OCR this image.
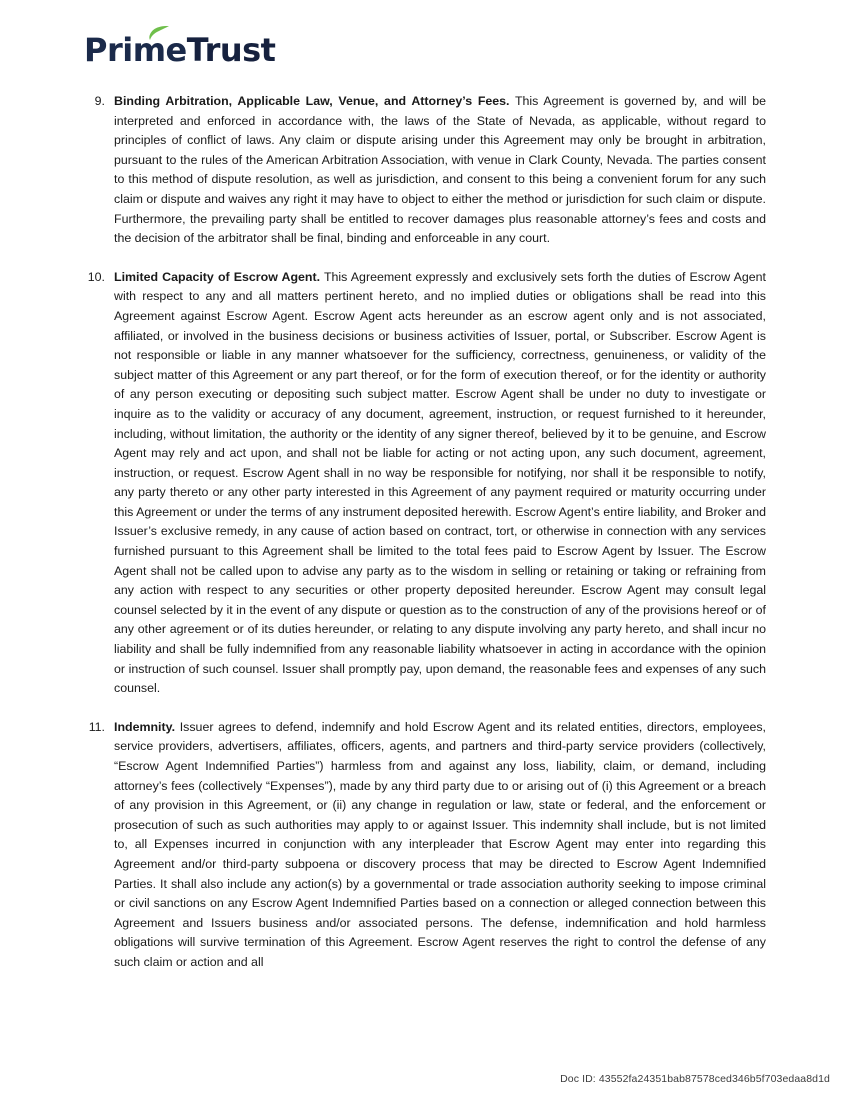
PrimeTrust
9. Binding Arbitration, Applicable Law, Venue, and Attorney’s Fees. This Agreement is governed by, and will be interpreted and enforced in accordance with, the laws of the State of Nevada, as applicable, without regard to principles of conflict of laws. Any claim or dispute arising under this Agreement may only be brought in arbitration, pursuant to the rules of the American Arbitration Association, with venue in Clark County, Nevada. The parties consent to this method of dispute resolution, as well as jurisdiction, and consent to this being a convenient forum for any such claim or dispute and waives any right it may have to object to either the method or jurisdiction for such claim or dispute. Furthermore, the prevailing party shall be entitled to recover damages plus reasonable attorney’s fees and costs and the decision of the arbitrator shall be final, binding and enforceable in any court.
10. Limited Capacity of Escrow Agent. This Agreement expressly and exclusively sets forth the duties of Escrow Agent with respect to any and all matters pertinent hereto, and no implied duties or obligations shall be read into this Agreement against Escrow Agent. Escrow Agent acts hereunder as an escrow agent only and is not associated, affiliated, or involved in the business decisions or business activities of Issuer, portal, or Subscriber. Escrow Agent is not responsible or liable in any manner whatsoever for the sufficiency, correctness, genuineness, or validity of the subject matter of this Agreement or any part thereof, or for the form of execution thereof, or for the identity or authority of any person executing or depositing such subject matter. Escrow Agent shall be under no duty to investigate or inquire as to the validity or accuracy of any document, agreement, instruction, or request furnished to it hereunder, including, without limitation, the authority or the identity of any signer thereof, believed by it to be genuine, and Escrow Agent may rely and act upon, and shall not be liable for acting or not acting upon, any such document, agreement, instruction, or request. Escrow Agent shall in no way be responsible for notifying, nor shall it be responsible to notify, any party thereto or any other party interested in this Agreement of any payment required or maturity occurring under this Agreement or under the terms of any instrument deposited herewith. Escrow Agent’s entire liability, and Broker and Issuer’s exclusive remedy, in any cause of action based on contract, tort, or otherwise in connection with any services furnished pursuant to this Agreement shall be limited to the total fees paid to Escrow Agent by Issuer. The Escrow Agent shall not be called upon to advise any party as to the wisdom in selling or retaining or taking or refraining from any action with respect to any securities or other property deposited hereunder. Escrow Agent may consult legal counsel selected by it in the event of any dispute or question as to the construction of any of the provisions hereof or of any other agreement or of its duties hereunder, or relating to any dispute involving any party hereto, and shall incur no liability and shall be fully indemnified from any reasonable liability whatsoever in acting in accordance with the opinion or instruction of such counsel. Issuer shall promptly pay, upon demand, the reasonable fees and expenses of any such counsel.
11. Indemnity. Issuer agrees to defend, indemnify and hold Escrow Agent and its related entities, directors, employees, service providers, advertisers, affiliates, officers, agents, and partners and third-party service providers (collectively, “Escrow Agent Indemnified Parties”) harmless from and against any loss, liability, claim, or demand, including attorney’s fees (collectively “Expenses”), made by any third party due to or arising out of (i) this Agreement or a breach of any provision in this Agreement, or (ii) any change in regulation or law, state or federal, and the enforcement or prosecution of such as such authorities may apply to or against Issuer. This indemnity shall include, but is not limited to, all Expenses incurred in conjunction with any interpleader that Escrow Agent may enter into regarding this Agreement and/or third-party subpoena or discovery process that may be directed to Escrow Agent Indemnified Parties. It shall also include any action(s) by a governmental or trade association authority seeking to impose criminal or civil sanctions on any Escrow Agent Indemnified Parties based on a connection or alleged connection between this Agreement and Issuers business and/or associated persons. The defense, indemnification and hold harmless obligations will survive termination of this Agreement. Escrow Agent reserves the right to control the defense of any such claim or action and all
Doc ID: 43552fa24351bab87578ced346b5f703edaa8d1d
